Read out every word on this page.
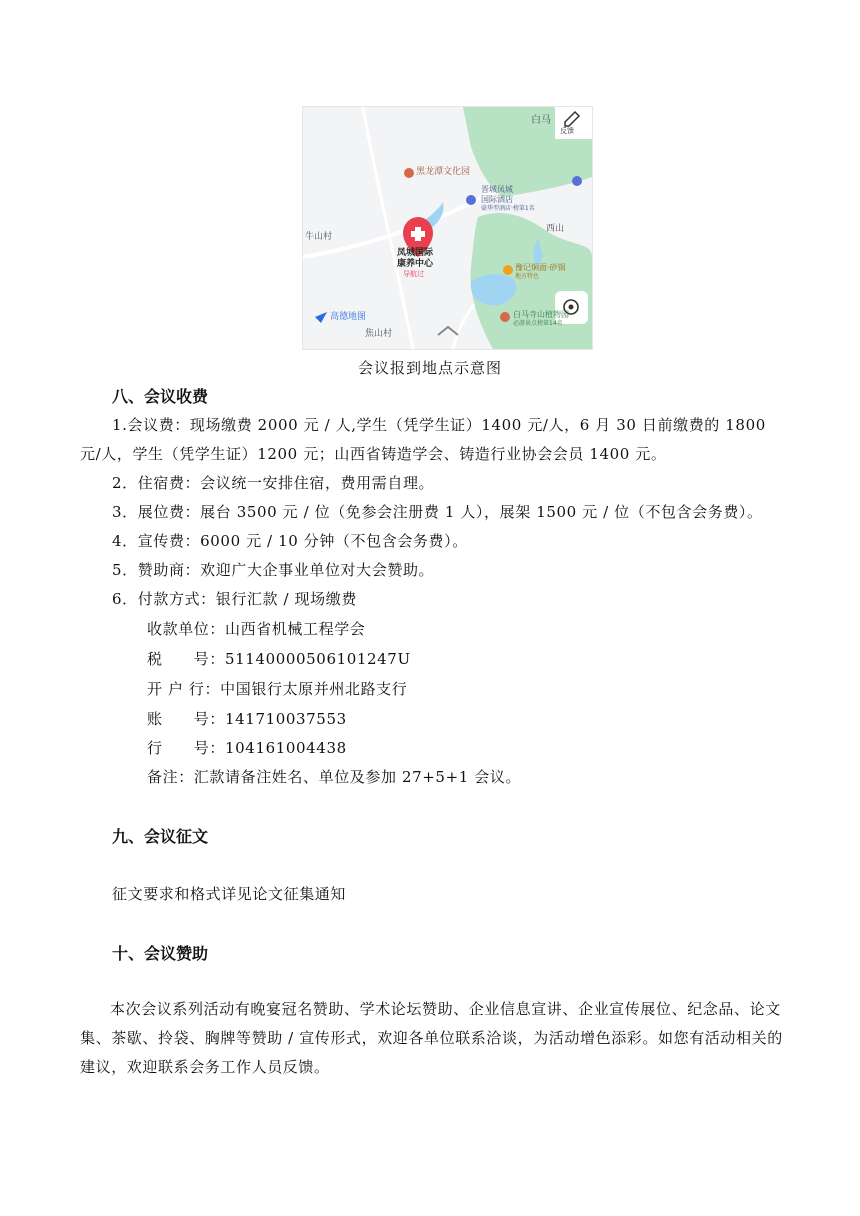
白马
反馈
黑龙潭文化园
晋城凤城
国际酒店
豪华型酒店·榜第1名
牛山村
西山
凤城国际
康养中心
导航过
豫记焖面·砂锅
地方特色
白马寺山植物园
必游景点榜第14名
高德地图
焦山村
会议报到地点示意图
八、会议收费
1.会议费：现场缴费 2000 元 / 人,学生（凭学生证）1400 元/人，6 月 30 日前缴费的 1800
元/人，学生（凭学生证）1200 元；山西省铸造学会、铸造行业协会会员 1400 元。
2．住宿费：会议统一安排住宿，费用需自理。
3．展位费：展台 3500 元 / 位（免参会注册费 1 人），展架 1500 元 / 位（不包含会务费）。
4．宣传费：6000 元 / 10 分钟（不包含会务费）。
5．赞助商：欢迎广大企事业单位对大会赞助。
6．付款方式：银行汇款 / 现场缴费
收款单位：山西省机械工程学会
税　　号：51140000506101247U
开 户 行：中国银行太原并州北路支行
账　　号：141710037553
行　　号：104161004438
备注：汇款请备注姓名、单位及参加 27+5+1 会议。
九、会议征文
征文要求和格式详见论文征集通知
十、会议赞助
本次会议系列活动有晚宴冠名赞助、学术论坛赞助、企业信息宣讲、企业宣传展位、纪念品、论文集、茶歇、拎袋、胸牌等赞助 / 宣传形式，欢迎各单位联系洽谈，为活动增色添彩。如您有活动相关的建议，欢迎联系会务工作人员反馈。
